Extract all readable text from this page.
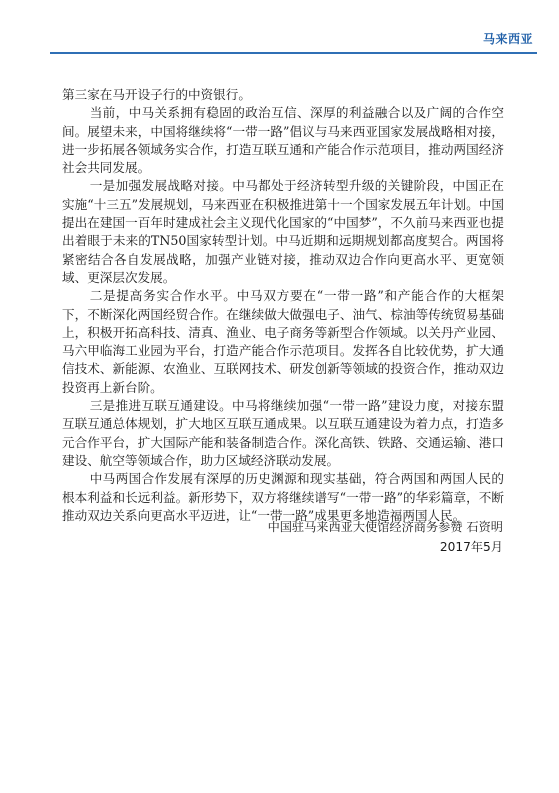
马来西亚

第三家在马开设子行的中资银行。

当前，中马关系拥有稳固的政治互信、深厚的利益融合以及广阔的合作空间。展望未来，中国将继续将“一带一路”倡议与马来西亚国家发展战略相对接，进一步拓展各领域务实合作，打造互联互通和产能合作示范项目，推动两国经济社会共同发展。

一是加强发展战略对接。中马都处于经济转型升级的关键阶段，中国正在实施“十三五”发展规划，马来西亚在积极推进第十一个国家发展五年计划。中国提出在建国一百年时建成社会主义现代化国家的“中国梦”，不久前马来西亚也提出着眼于未来的TN50国家转型计划。中马近期和远期规划都高度契合。两国将紧密结合各自发展战略，加强产业链对接，推动双边合作向更高水平、更宽领域、更深层次发展。

二是提高务实合作水平。中马双方要在“一带一路”和产能合作的大框架下，不断深化两国经贸合作。在继续做大做强电子、油气、棕油等传统贸易基础上，积极开拓高科技、清真、渔业、电子商务等新型合作领域。以关丹产业园、马六甲临海工业园为平台，打造产能合作示范项目。发挥各自比较优势，扩大通信技术、新能源、农渔业、互联网技术、研发创新等领域的投资合作，推动双边投资再上新台阶。

三是推进互联互通建设。中马将继续加强“一带一路”建设力度，对接东盟互联互通总体规划，扩大地区互联互通成果。以互联互通建设为着力点，打造多元合作平台，扩大国际产能和装备制造合作。深化高铁、铁路、交通运输、港口建设、航空等领域合作，助力区域经济联动发展。

中马两国合作发展有深厚的历史渊源和现实基础，符合两国和两国人民的根本利益和长远利益。新形势下，双方将继续谱写“一带一路”的华彩篇章，不断推动双边关系向更高水平迈进，让“一带一路”成果更多地造福两国人民。

中国驻马来西亚大使馆经济商务参赞 石资明
2017年5月
